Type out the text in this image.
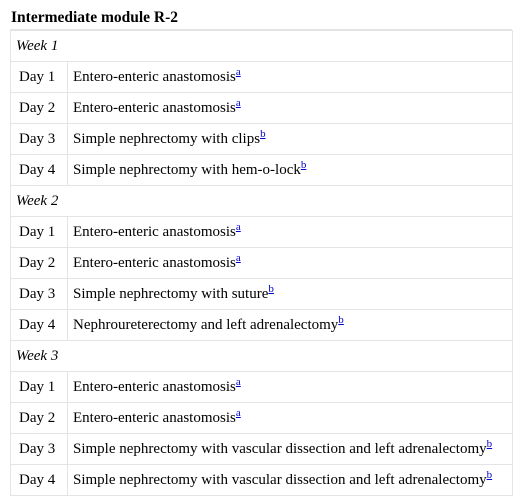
Intermediate module R-2
Week 1	
Day 1	Entero-enteric anastomosis$^a$
Day 2	Entero-enteric anastomosis$^a$
Day 3	Simple nephrectomy with clips$^b$
Day 4	Simple nephrectomy with hem-o-lock$^b$
Week 2	
Day 1	Entero-enteric anastomosis$^a$
Day 2	Entero-enteric anastomosis$^a$
Day 3	Simple nephrectomy with suture$^b$
Day 4	Nephroureterectomy and left adrenalectomy$^b$
Week 3	
Day 1	Entero-enteric anastomosis$^a$
Day 2	Entero-enteric anastomosis$^a$
Day 3	Simple nephrectomy with vascular dissection and left adrenalectomy$^b$
Day 4	Simple nephrectomy with vascular dissection and left adrenalectomy$^b$
